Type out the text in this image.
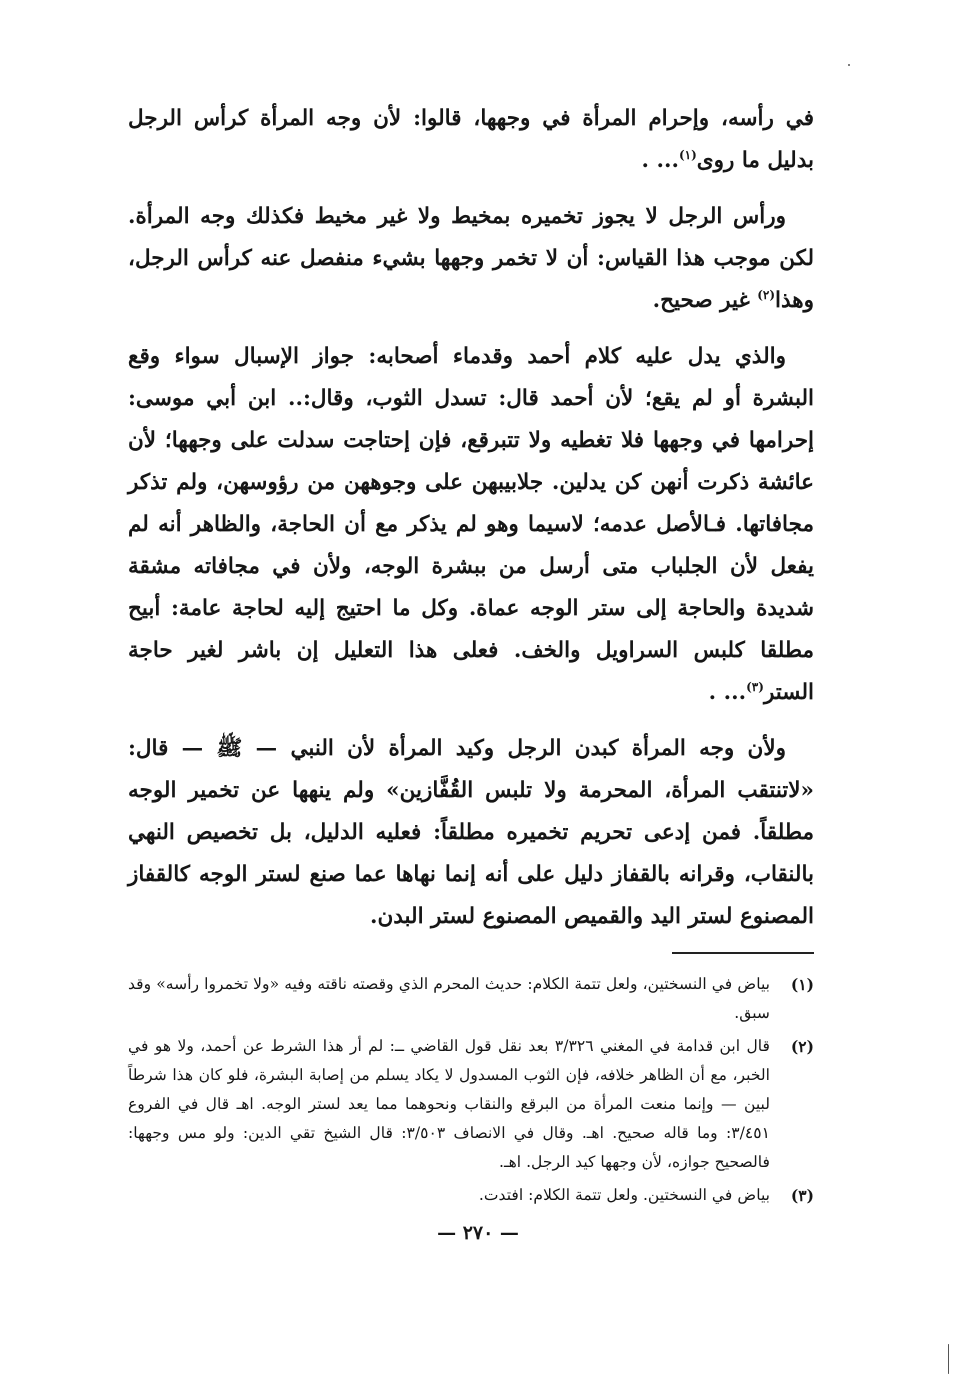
في رأسه، وإحرام المرأة في وجهها، قالوا: لأن وجه المرأة كرأس الرجل بدليل ما روى$^{(١)}$... .

ورأس الرجل لا يجوز تخميره بمخيط ولا غير مخيط فكذلك وجه المرأة. لكن موجب هذا القياس: أن لا تخمر وجهها بشيء منفصل عنه كرأس الرجل، وهذا$^{(٢)}$ غير صحيح.

والذي يدل عليه كلام أحمد وقدماء أصحابه: جواز الإسبال سواء وقع البشرة أو لم يقع؛ لأن أحمد قال: تسدل الثوب، وقال:.. ابن أبي موسى: إحرامها في وجهها فلا تغطيه ولا تتبرقع، فإن إحتاجت سدلت على وجهها؛ لأن عائشة ذكرت أنهن كن يدلين. جلابيبهن على وجوههن من رؤوسهن، ولم تذكر مجافاتها. فـالأصل عدمه؛ لاسيما وهو لم يذكر مع أن الحاجة، والظاهر أنه لم يفعل لأن الجلباب متى أرسل من ببشرة الوجه، ولأن في مجافاته مشقة شديدة والحاجة إلى ستر الوجه عماة. وكل ما احتيج إليه لحاجة عامة: أبيح مطلقا كلبس السراويل والخف. فعلى هذا التعليل إن باشر لغير حاجة الستر$^{(٣)}$... .

ولأن وجه المرأة كبدن الرجل وكيد المرأة لأن النبي — ﷺ — قال: «لاتنتقب المرأة، المحرمة ولا تلبس القُفَّازين» ولم ينهها عن تخمير الوجه مطلقاً. فمن إدعى تحريم تخميره مطلقاً: فعليه الدليل، بل تخصيص النهي بالنقاب، وقرانه بالقفاز دليل على أنه إنما نهاها عما صنع لستر الوجه كالقفاز المصنوع لستر اليد والقميص المصنوع لستر البدن.

(١)
بياض في النسختين، ولعل تتمة الكلام: حديث المحرم الذي وقصته ناقته وفيه «ولا تخمروا رأسه» وقد سبق.
(٢)
قال ابن قدامة في المغني ٣/٣٢٦ بعد نقل قول القاضي ــ: لم أر هذا الشرط عن أحمد، ولا هو في الخبر، مع أن الظاهر خلافه، فإن الثوب المسدول لا يكاد يسلم من إصابة البشرة، فلو كان هذا شرطاً لبين — وإنما منعت المرأة من البرقع والنقاب ونحوهما مما يعد لستر الوجه. اهـ قال في الفروع ٣/٤٥١: وما قاله صحيح. اهـ. وقال في الانصاف ٣/٥٠٣: قال الشيخ تقي الدين: ولو مس وجهها: فالصحيح جوازه، لأن وجهها كيد الرجل. اهـ.
(٣)
بياض في النسختين. ولعل تتمة الكلام: افتدت.
— ٢٧٠ —
